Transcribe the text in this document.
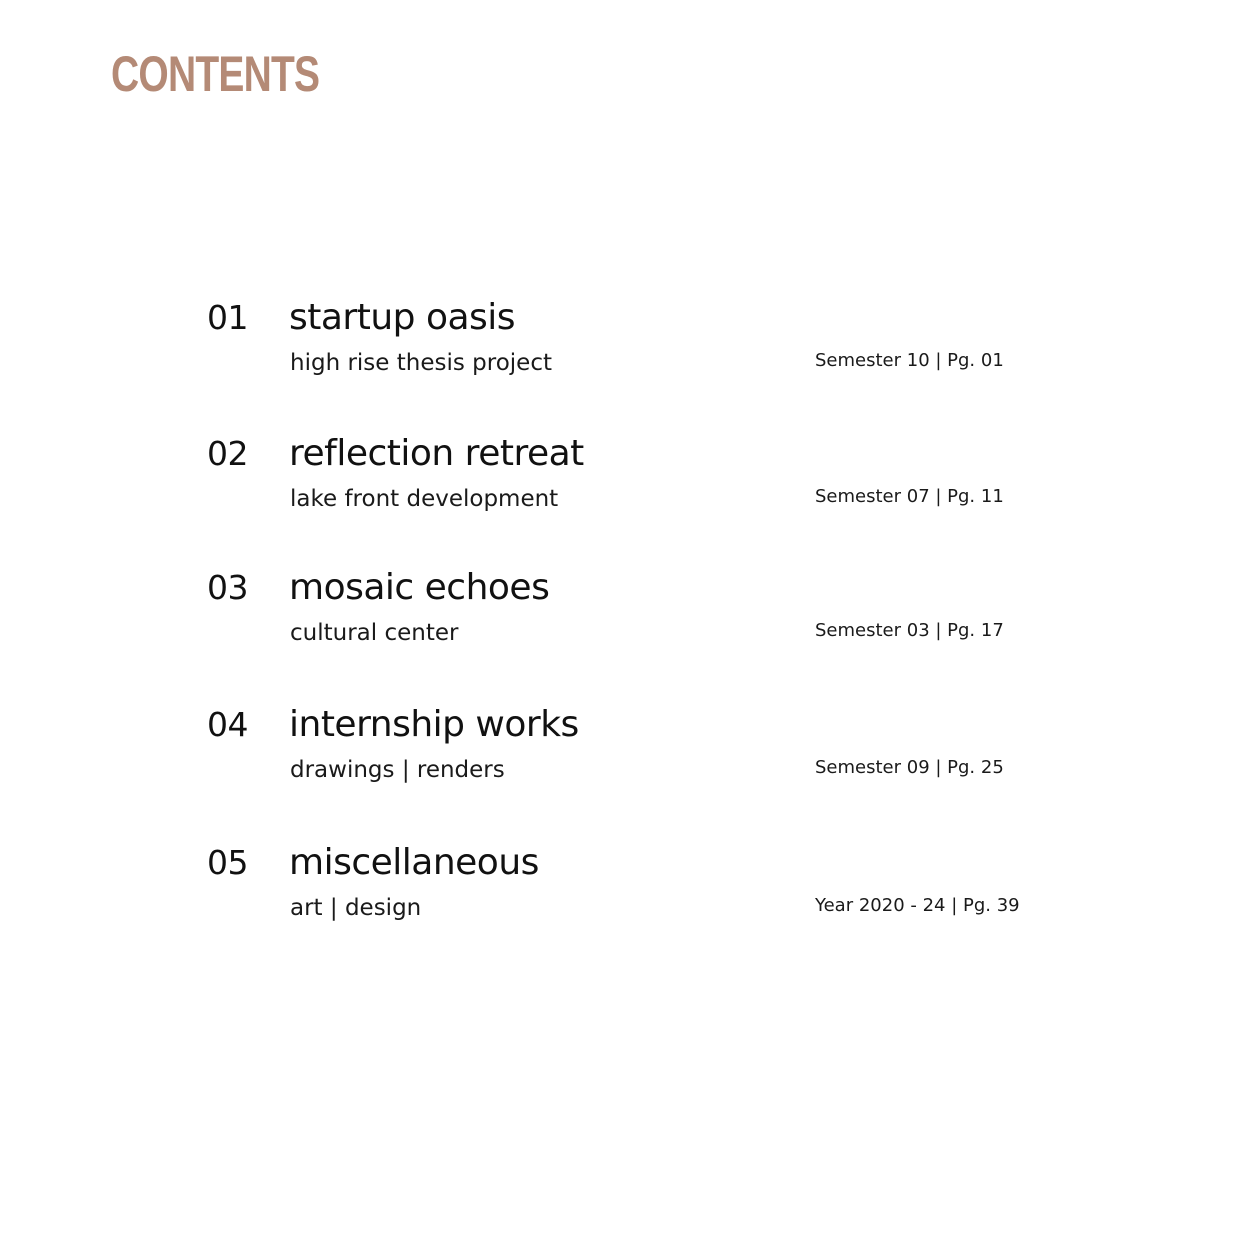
CONTENTS
01 startup oasis
high rise thesis project	Semester 10 | Pg. 01
02 reflection retreat
lake front development	Semester 07 | Pg. 11
03 mosaic echoes
cultural center	Semester 03 | Pg. 17
04 internship works
drawings | renders	Semester 09 | Pg. 25
05 miscellaneous
art | design	Year 2020 - 24 | Pg. 39
